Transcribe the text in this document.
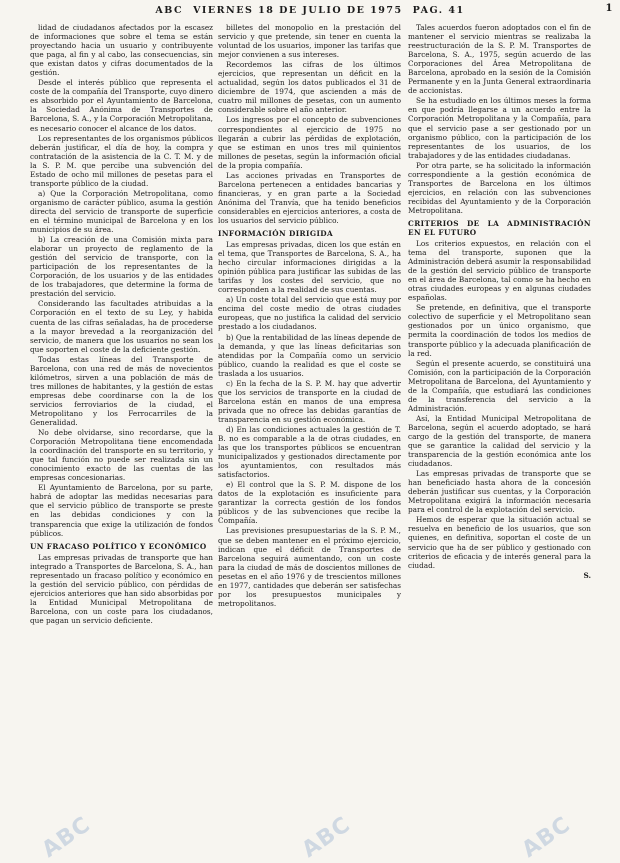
ABC VIERNES 18 DE JULIO DE 1975 PAG. 41	1

lidad de ciudadanos afectados por la escasez de informaciones que sobre el tema se están proyectando hacia un usuario y contribuyente que paga, al fin y al cabo, las consecuencias, sin que existan datos y cifras documentados de la gestión.

Desde el interés público que representa el coste de la compañía del Transporte, cuyo dinero es absorbido por el Ayuntamiento de Barcelona, la Sociedad Anónima de Transportes de Barcelona, S. A., y la Corporación Metropolitana, es necesario conocer el alcance de los datos.

Los representantes de los organismos públicos deberán justificar, el día de hoy, la compra y contratación de la asistencia de la C. T. M. y de la S. P. M. que percibe una subvención del Estado de ocho mil millones de pesetas para el transporte público de la ciudad.

a) Que la Corporación Metropolitana, como organismo de carácter público, asuma la gestión directa del servicio de transporte de superficie en el término municipal de Barcelona y en los municipios de su área.

b) La creación de una Comisión mixta para elaborar un proyecto de reglamento de la gestión del servicio de transporte, con la participación de los representantes de la Corporación, de los usuarios y de las entidades de los trabajadores, que determine la forma de prestación del servicio.

Considerando las facultades atribuidas a la Corporación en el texto de su Ley, y habida cuenta de las cifras señaladas, ha de procederse a la mayor brevedad a la reorganización del servicio, de manera que los usuarios no sean los que soporten el coste de la deficiente gestión.

Todas estas líneas del Transporte de Barcelona, con una red de más de novecientos kilómetros, sirven a una población de más de tres millones de habitantes, y la gestión de estas empresas debe coordinarse con la de los servicios ferroviarios de la ciudad, el Metropolitano y los Ferrocarriles de la Generalidad.

No debe olvidarse, sino recordarse, que la Corporación Metropolitana tiene encomendada la coordinación del transporte en su territorio, y que tal función no puede ser realizada sin un conocimiento exacto de las cuentas de las empresas concesionarias.

El Ayuntamiento de Barcelona, por su parte, habrá de adoptar las medidas necesarias para que el servicio público de transporte se preste en las debidas condiciones y con la transparencia que exige la utilización de fondos públicos.

UN FRACASO POLÍTICO Y ECONÓMICO

Las empresas privadas de transporte que han integrado a Transportes de Barcelona, S. A., han representado un fracaso político y económico en la gestión del servicio público, con pérdidas de ejercicios anteriores que han sido absorbidas por la Entidad Municipal Metropolitana de Barcelona, con un coste para los ciudadanos, que pagan un servicio deficiente.

billetes del monopolio en la prestación del servicio y que pretende, sin tener en cuenta la voluntad de los usuarios, imponer las tarifas que mejor convienen a sus intereses.

Recordemos las cifras de los últimos ejercicios, que representan un déficit en la actualidad, según los datos publicados el 31 de diciembre de 1974, que ascienden a más de cuatro mil millones de pesetas, con un aumento considerable sobre el año anterior.

Los ingresos por el concepto de subvenciones correspondientes al ejercicio de 1975 no llegarán a cubrir las pérdidas de explotación, que se estiman en unos tres mil quinientos millones de pesetas, según la información oficial de la propia compañía.

Las acciones privadas en Transportes de Barcelona pertenecen a entidades bancarias y financieras, y en gran parte a la Sociedad Anónima del Tranvía, que ha tenido beneficios considerables en ejercicios anteriores, a costa de los usuarios del servicio público.

INFORMACIÓN DIRIGIDA

Las empresas privadas, dicen los que están en el tema, que Transportes de Barcelona, S. A., ha hecho circular informaciones dirigidas a la opinión pública para justificar las subidas de las tarifas y los costes del servicio, que no corresponden a la realidad de sus cuentas.

a) Un coste total del servicio que está muy por encima del coste medio de otras ciudades europeas, que no justifica la calidad del servicio prestado a los ciudadanos.

b) Que la rentabilidad de las líneas depende de la demanda, y que las líneas deficitarias son atendidas por la Compañía como un servicio público, cuando la realidad es que el coste se traslada a los usuarios.

c) En la fecha de la S. P. M. hay que advertir que los servicios de transporte en la ciudad de Barcelona están en manos de una empresa privada que no ofrece las debidas garantías de transparencia en su gestión económica.

d) En las condiciones actuales la gestión de T. B. no es comparable a la de otras ciudades, en las que los transportes públicos se encuentran municipalizados y gestionados directamente por los ayuntamientos, con resultados más satisfactorios.

e) El control que la S. P. M. dispone de los datos de la explotación es insuficiente para garantizar la correcta gestión de los fondos públicos y de las subvenciones que recibe la Compañía.

Las previsiones presupuestarias de la S. P. M., que se deben mantener en el próximo ejercicio, indican que el déficit de Transportes de Barcelona seguirá aumentando, con un coste para la ciudad de más de doscientos millones de pesetas en el año 1976 y de trescientos millones en 1977, cantidades que deberán ser satisfechas por los presupuestos municipales y metropolitanos.

Tales acuerdos fueron adoptados con el fin de mantener el servicio mientras se realizaba la reestructuración de la S. P. M. Transportes de Barcelona, S. A., 1975, según acuerdo de las Corporaciones del Área Metropolitana de Barcelona, aprobado en la sesión de la Comisión Permanente y en la Junta General extraordinaria de accionistas.

Se ha estudiado en los últimos meses la forma en que podría llegarse a un acuerdo entre la Corporación Metropolitana y la Compañía, para que el servicio pase a ser gestionado por un organismo público, con la participación de los representantes de los usuarios, de los trabajadores y de las entidades ciudadanas.

Por otra parte, se ha solicitado la información correspondiente a la gestión económica de Transportes de Barcelona en los últimos ejercicios, en relación con las subvenciones recibidas del Ayuntamiento y de la Corporación Metropolitana.

CRITERIOS DE LA ADMINISTRACIÓN EN EL FUTURO

Los criterios expuestos, en relación con el tema del transporte, suponen que la Administración deberá asumir la responsabilidad de la gestión del servicio público de transporte en el área de Barcelona, tal como se ha hecho en otras ciudades europeas y en algunas ciudades españolas.

Se pretende, en definitiva, que el transporte colectivo de superficie y el Metropolitano sean gestionados por un único organismo, que permita la coordinación de todos los medios de transporte público y la adecuada planificación de la red.

Según el presente acuerdo, se constituirá una Comisión, con la participación de la Corporación Metropolitana de Barcelona, del Ayuntamiento y de la Compañía, que estudiará las condiciones de la transferencia del servicio a la Administración.

Así, la Entidad Municipal Metropolitana de Barcelona, según el acuerdo adoptado, se hará cargo de la gestión del transporte, de manera que se garantice la calidad del servicio y la transparencia de la gestión económica ante los ciudadanos.

Las empresas privadas de transporte que se han beneficiado hasta ahora de la concesión deberán justificar sus cuentas, y la Corporación Metropolitana exigirá la información necesaria para el control de la explotación del servicio.

Hemos de esperar que la situación actual se resuelva en beneficio de los usuarios, que son quienes, en definitiva, soportan el coste de un servicio que ha de ser público y gestionado con criterios de eficacia y de interés general para la ciudad.

S.

ABC	ABC	ABC
